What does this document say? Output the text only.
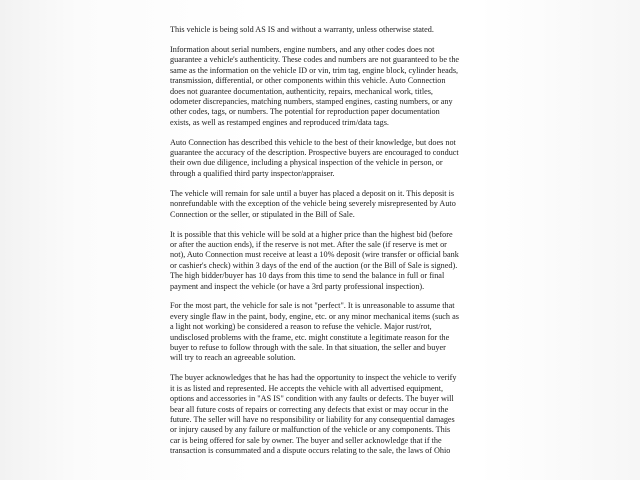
This vehicle is being sold AS IS and without a warranty, unless otherwise stated.

Information about serial numbers, engine numbers, and any other codes does not
guarantee a vehicle's authenticity. These codes and numbers are not guaranteed to be the
same as the information on the vehicle ID or vin, trim tag, engine block, cylinder heads,
transmission, differential, or other components within this vehicle. Auto Connection
does not guarantee documentation, authenticity, repairs, mechanical work, titles,
odometer discrepancies, matching numbers, stamped engines, casting numbers, or any
other codes, tags, or numbers. The potential for reproduction paper documentation
exists, as well as restamped engines and reproduced trim/data tags.

Auto Connection has described this vehicle to the best of their knowledge, but does not
guarantee the accuracy of the description. Prospective buyers are encouraged to conduct
their own due diligence, including a physical inspection of the vehicle in person, or
through a qualified third party inspector/appraiser.

The vehicle will remain for sale until a buyer has placed a deposit on it. This deposit is
nonrefundable with the exception of the vehicle being severely misrepresented by Auto
Connection or the seller, or stipulated in the Bill of Sale.

It is possible that this vehicle will be sold at a higher price than the highest bid (before
or after the auction ends), if the reserve is not met. After the sale (if reserve is met or
not), Auto Connection must receive at least a 10% deposit (wire transfer or official bank
or cashier's check) within 3 days of the end of the auction (or the Bill of Sale is signed).
The high bidder/buyer has 10 days from this time to send the balance in full or final
payment and inspect the vehicle (or have a 3rd party professional inspection).

For the most part, the vehicle for sale is not "perfect". It is unreasonable to assume that
every single flaw in the paint, body, engine, etc. or any minor mechanical items (such as
a light not working) be considered a reason to refuse the vehicle. Major rust/rot,
undisclosed problems with the frame, etc. might constitute a legitimate reason for the
buyer to refuse to follow through with the sale. In that situation, the seller and buyer
will try to reach an agreeable solution.

The buyer acknowledges that he has had the opportunity to inspect the vehicle to verify
it is as listed and represented. He accepts the vehicle with all advertised equipment,
options and accessories in "AS IS" condition with any faults or defects. The buyer will
bear all future costs of repairs or correcting any defects that exist or may occur in the
future. The seller will have no responsibility or liability for any consequential damages
or injury caused by any failure or malfunction of the vehicle or any components. This
car is being offered for sale by owner. The buyer and seller acknowledge that if the
transaction is consummated and a dispute occurs relating to the sale, the laws of Ohio
